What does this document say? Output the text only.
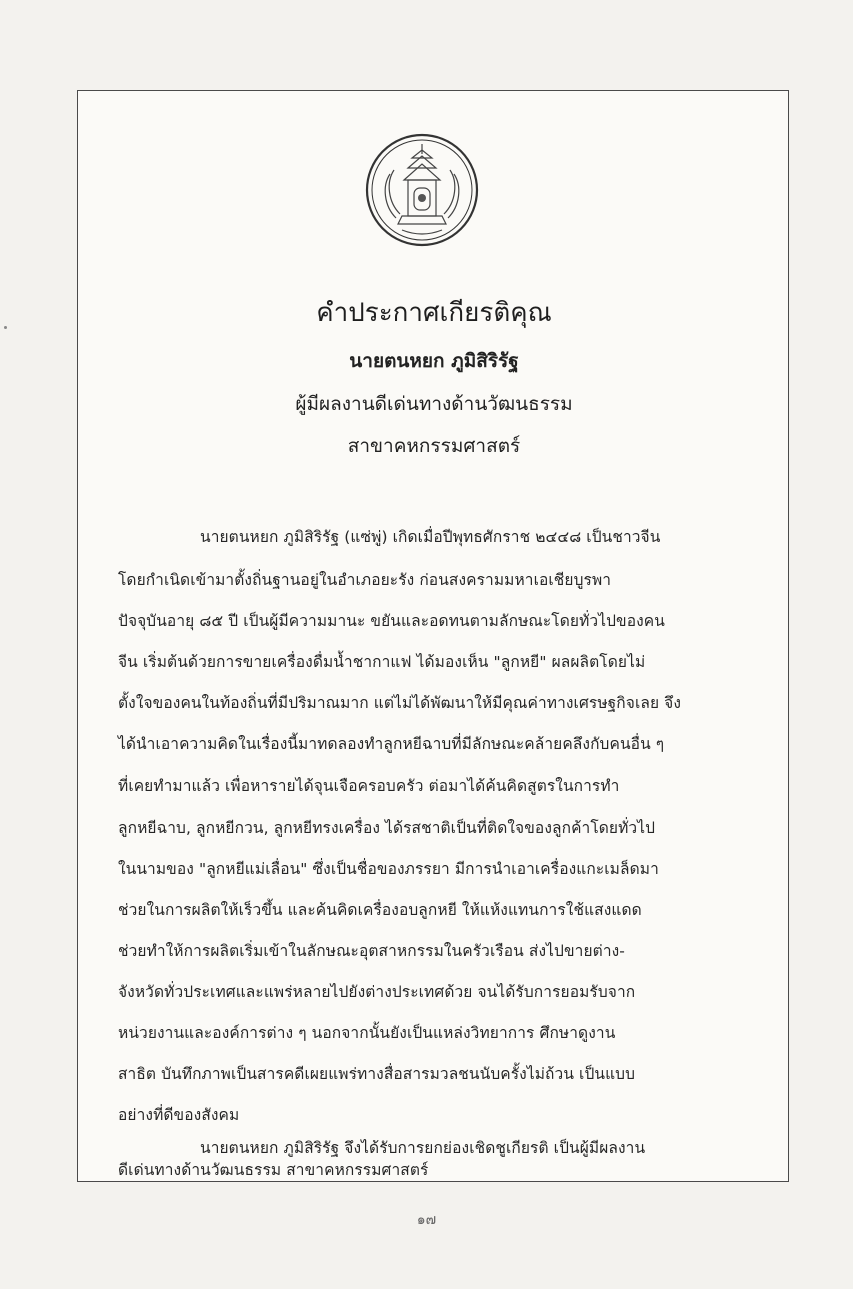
คำประกาศเกียรติคุณ
นายตนหยก ภูมิสิริรัฐ
ผู้มีผลงานดีเด่นทางด้านวัฒนธรรม
สาขาคหกรรมศาสตร์
นายตนหยก ภูมิสิริรัฐ (แซ่พู่) เกิดเมื่อปีพุทธศักราช ๒๔๔๘ เป็นชาวจีน
โดยกำเนิดเข้ามาตั้งถิ่นฐานอยู่ในอำเภอยะรัง ก่อนสงครามมหาเอเชียบูรพา
ปัจจุบันอายุ ๘๕ ปี เป็นผู้มีความมานะ ขยันและอดทนตามลักษณะโดยทั่วไปของคน
จีน เริ่มต้นด้วยการขายเครื่องดื่มน้ำชากาแฟ ได้มองเห็น "ลูกหยี" ผลผลิตโดยไม่
ตั้งใจของคนในท้องถิ่นที่มีปริมาณมาก แต่ไม่ได้พัฒนาให้มีคุณค่าทางเศรษฐกิจเลย จึง
ได้นำเอาความคิดในเรื่องนี้มาทดลองทำลูกหยีฉาบที่มีลักษณะคล้ายคลึงกับคนอื่น ๆ
ที่เคยทำมาแล้ว เพื่อหารายได้จุนเจือครอบครัว ต่อมาได้ค้นคิดสูตรในการทำ
ลูกหยีฉาบ, ลูกหยีกวน, ลูกหยีทรงเครื่อง ได้รสชาติเป็นที่ติดใจของลูกค้าโดยทั่วไป
ในนามของ "ลูกหยีแม่เลื่อน" ซึ่งเป็นชื่อของภรรยา มีการนำเอาเครื่องแกะเมล็ดมา
ช่วยในการผลิตให้เร็วขึ้น และค้นคิดเครื่องอบลูกหยี ให้แห้งแทนการใช้แสงแดด
ช่วยทำให้การผลิตเริ่มเข้าในลักษณะอุตสาหกรรมในครัวเรือน ส่งไปขายต่าง-
จังหวัดทั่วประเทศและแพร่หลายไปยังต่างประเทศด้วย จนได้รับการยอมรับจาก
หน่วยงานและองค์การต่าง ๆ นอกจากนั้นยังเป็นแหล่งวิทยาการ ศึกษาดูงาน
สาธิต บันทึกภาพเป็นสารคดีเผยแพร่ทางสื่อสารมวลชนนับครั้งไม่ถ้วน เป็นแบบ
อย่างที่ดีของสังคม
นายตนหยก ภูมิสิริรัฐ จึงได้รับการยกย่องเชิดชูเกียรติ เป็นผู้มีผลงาน
ดีเด่นทางด้านวัฒนธรรม สาขาคหกรรมศาสตร์
๑๗
